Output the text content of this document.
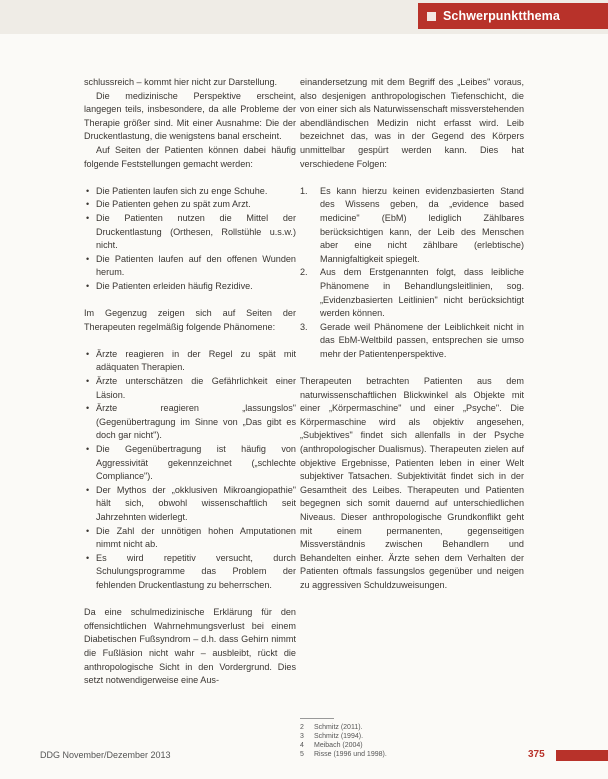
Schwerpunktthema

schlussreich – kommt hier nicht zur Darstellung.

Die medizinische Perspektive erscheint, langegen teils, insbesondere, da alle Probleme der Therapie größer sind. Mit einer Ausnahme: Die der Druckentlastung, die wenigstens banal erscheint.

Auf Seiten der Patienten können dabei häufig folgende Feststellungen gemacht werden:

• Die Patienten laufen sich zu enge Schuhe.
• Die Patienten gehen zu spät zum Arzt.
• Die Patienten nutzen die Mittel der Druckentlastung (Orthesen, Rollstühle u.s.w.) nicht.
• Die Patienten laufen auf den offenen Wunden herum.
• Die Patienten erleiden häufig Rezidive.

Im Gegenzug zeigen sich auf Seiten der Therapeuten regelmäßig folgende Phänomene:

• Ärzte reagieren in der Regel zu spät mit adäquaten Therapien.
• Ärzte unterschätzen die Gefährlichkeit einer Läsion.
• Ärzte reagieren „lassungslos" (Gegenübertragung im Sinne von „Das gibt es doch gar nicht").
• Die Gegenübertragung ist häufig von Aggressivität gekennzeichnet („schlechte Compliance").
• Der Mythos der „okklusiven Mikroangiopathie" hält sich, obwohl wissenschaftlich seit Jahrzehnten widerlegt.
• Die Zahl der unnötigen hohen Amputationen nimmt nicht ab.
• Es wird repetitiv versucht, durch Schulungsprogramme das Problem der fehlenden Druckentlastung zu beherrschen.

Da eine schulmedizinische Erklärung für den offensichtlichen Wahrnehmungsverlust bei einem Diabetischen Fußsyndrom – d.h. dass Gehirn nimmt die Fußläsion nicht wahr – ausbleibt, rückt die anthropologische Sicht in den Vordergrund. Dies setzt notwendigerweise eine Aus-

einandersetzung mit dem Begriff des „Leibes" voraus, also desjenigen anthropologischen Tiefenschicht, die von einer sich als Naturwissenschaft missverstehenden abendländischen Medizin nicht erfasst wird. Leib bezeichnet das, was in der Gegend des Körpers unmittelbar gespürt werden kann. Dies hat verschiedene Folgen:

1. Es kann hierzu keinen evidenzbasierten Stand des Wissens geben, da „evidence based medicine" (EbM) lediglich Zählbares berücksichtigen kann, der Leib des Menschen aber eine nicht zählbare (erlebtische) Mannigfaltigkeit spiegelt.
2. Aus dem Erstgenannten folgt, dass leibliche Phänomene in Behandlungsleitlinien, sog. „Evidenzbasierten Leitlinien" nicht berücksichtigt werden können.
3. Gerade weil Phänomene der Leiblichkeit nicht in das EbM-Weltbild passen, entsprechen sie umso mehr der Patientenperspektive.

Therapeuten betrachten Patienten aus dem naturwissenschaftlichen Blickwinkel als Objekte mit einer „Körpermaschine" und einer „Psyche". Die Körpermaschine wird als objektiv angesehen, „Subjektives" findet sich allenfalls in der Psyche (anthropologischer Dualismus). Therapeuten zielen auf objektive Ergebnisse, Patienten leben in einer Welt subjektiver Tatsachen. Subjektivität findet sich in der Gesamtheit des Leibes. Therapeuten und Patienten begegnen sich somit dauernd auf unterschiedlichen Niveaus. Dieser anthropologische Grundkonflikt geht mit einem permanenten, gegenseitigen Missverständnis zwischen Behandlern und Behandelten einher. Ärzte sehen dem Verhalten der Patienten oftmals fassungslos gegenüber und neigen zu aggressiven Schuldzuweisungen.

2	Schmitz (2011).
3	Schmitz (1994).
4	Meibach (2004)
5	Risse (1996 und 1998).
DDG November/Dezember 2013	375
